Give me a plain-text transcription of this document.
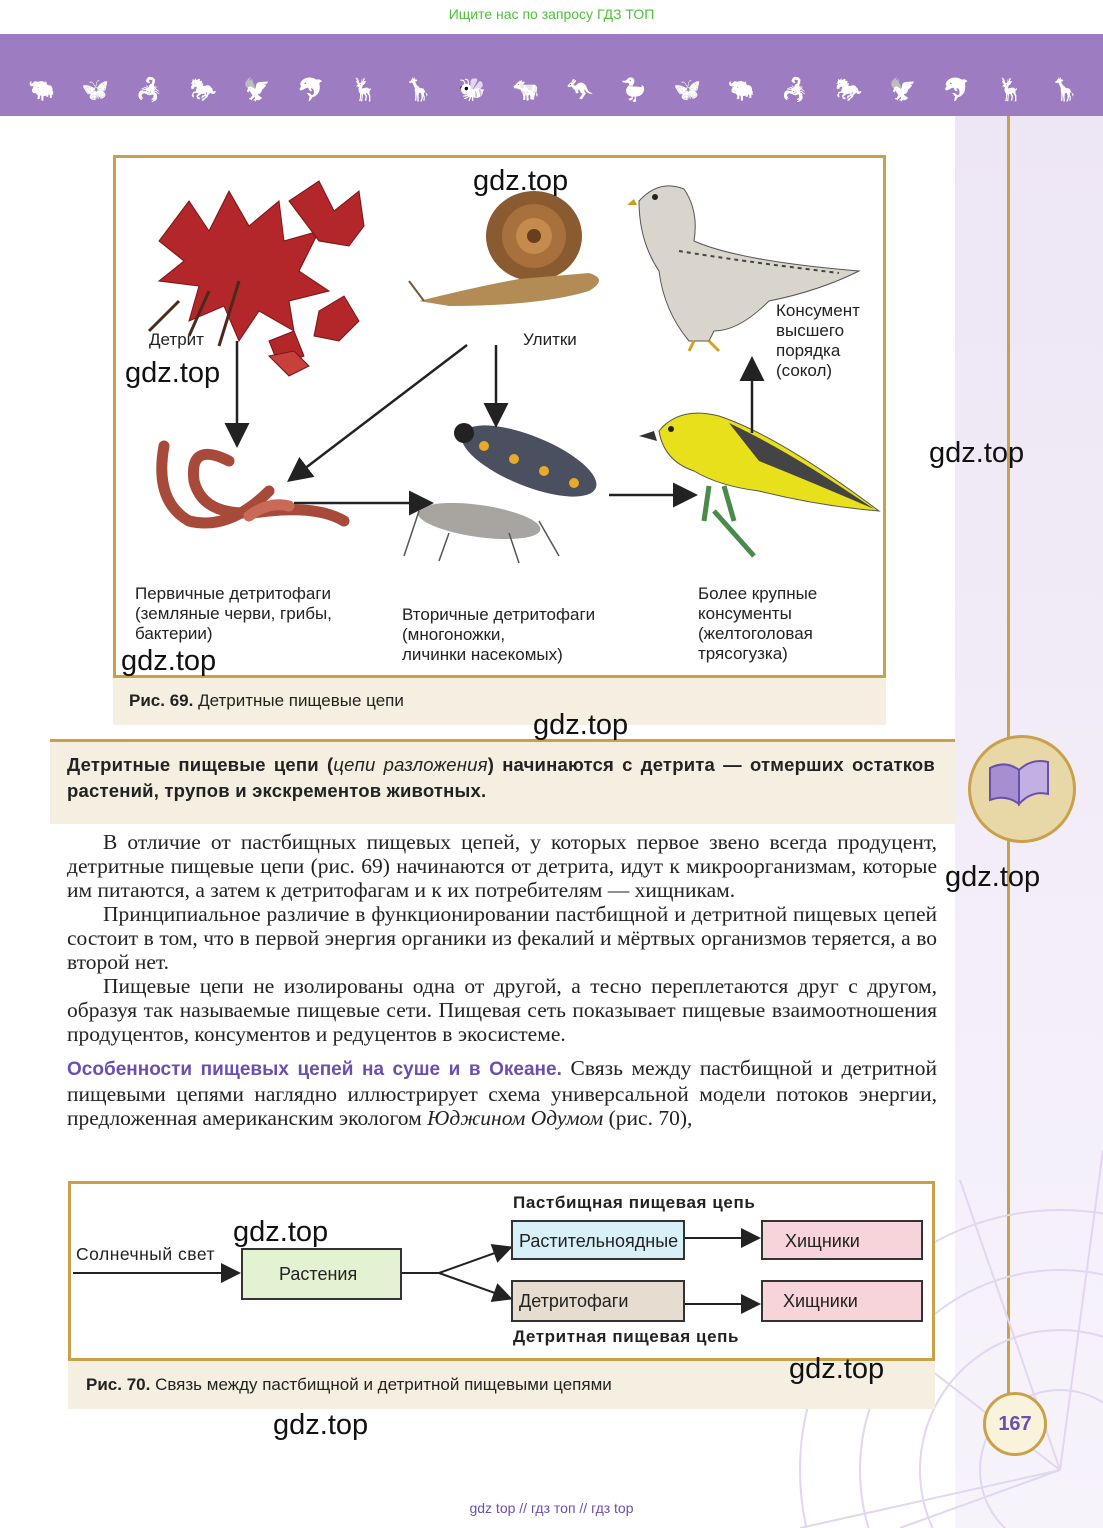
Ищите нас по запросу ГДЗ ТОП
🐃 🦋 🦂 🐎 🦅 🐬 🦌 🦒 🐝 🐄 🦘 🦆 🦋 🐃 🦂 🐎 🦅 🐬 🦌 🦒
Детрит	Улитки
Консумент
высшего
порядка
(сокол)
Первичные детритофаги
(земляные черви, грибы,
бактерии)
Вторичные детритофаги
(многоножки,
личинки насекомых)
Более крупные
консументы
(желтоголовая
трясогузка)
Рис. 69. Детритные пищевые цепи
Детритные пищевые цепи (цепи разложения) начинаются с детрита — отмерших остатков растений, трупов и экскрементов животных.

В отличие от пастбищных пищевых цепей, у которых первое звено всегда продуцент, детритные пищевые цепи (рис. 69) начинаются от детрита, идут к микроорганизмам, которые им питаются, а затем к детритофагам и к их потребителям — хищникам.

Принципиальное различие в функционировании пастбищной и детритной пищевых цепей состоит в том, что в первой энергия органики из фекалий и мёртвых организмов теряется, а во второй нет.

Пищевые цепи не изолированы одна от другой, а тесно переплетаются друг с другом, образуя так называемые пищевые сети. Пищевая сеть показывает пищевые взаимоотношения продуцентов, консументов и редуцентов в экосистеме.

Особенности пищевых цепей на суше и в Океане. Связь между пастбищной и детритной пищевыми цепями наглядно иллюстрирует схема универсальной модели потоков энергии, предложенная американским экологом Юджином Одумом (рис. 70),

Солнечный свет
Растения
Пастбищная пищевая цепь
Растительноядные	Хищники
Детритофаги	Хищники
Детритная пищевая цепь
Рис. 70. Связь между пастбищной и детритной пищевыми цепями
167
gdz.top
gdz.top
gdz.top
gdz.top
gdz.top
gdz.top
gdz.top
gdz.top
gdz.top
gdz top // гдз топ // гдз top
